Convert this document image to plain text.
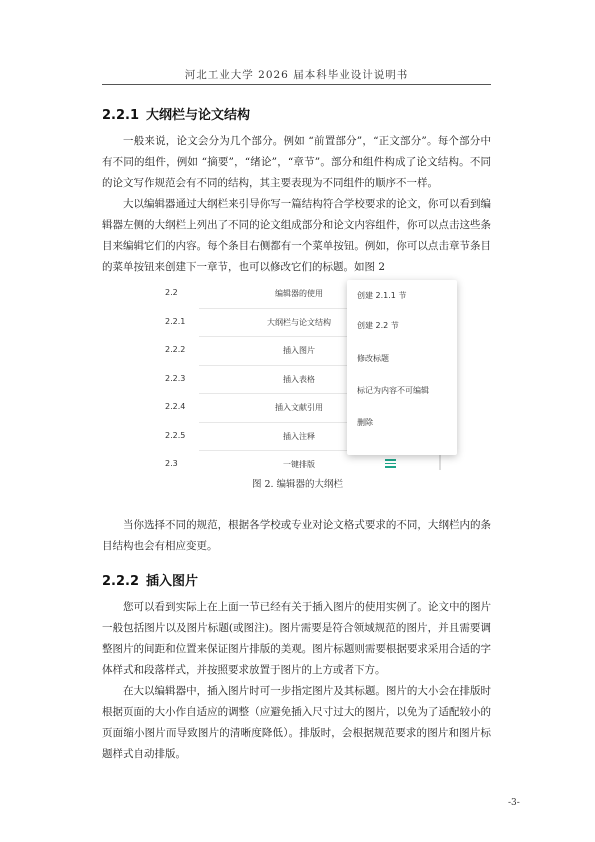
河北工业大学 2026 届本科毕业设计说明书
2.2.1 大纲栏与论文结构
一般来说，论文会分为几个部分。例如 “前置部分”，“正文部分”。每个部分中有不同的组件，例如 “摘要”，“绪论”，“章节”。部分和组件构成了论文结构。不同的论文写作规范会有不同的结构，其主要表现为不同组件的顺序不一样。
大以编辑器通过大纲栏来引导你写一篇结构符合学校要求的论文，你可以看到编辑器左侧的大纲栏上列出了不同的论文组成部分和论文内容组件，你可以点击这些条目来编辑它们的内容。每个条目右侧都有一个菜单按钮。例如，你可以点击章节条目的菜单按钮来创建下一章节，也可以修改它们的标题。如图 2
2.2	编辑器的使用
2.2.1	大纲栏与论文结构
2.2.2	插入图片
2.2.3	插入表格
2.2.4	插入文献引用
2.2.5	插入注释
2.3	一键排版
创建 2.1.1 节
创建 2.2 节
修改标题
标记为内容不可编辑
删除
图 2. 编辑器的大纲栏
当你选择不同的规范，根据各学校或专业对论文格式要求的不同，大纲栏内的条目结构也会有相应变更。
2.2.2 插入图片
您可以看到实际上在上面一节已经有关于插入图片的使用实例了。论文中的图片一般包括图片以及图片标题(或图注)。图片需要是符合领域规范的图片，并且需要调整图片的间距和位置来保证图片排版的美观。图片标题则需要根据要求采用合适的字体样式和段落样式，并按照要求放置于图片的上方或者下方。
在大以编辑器中，插入图片时可一步指定图片及其标题。图片的大小会在排版时根据页面的大小作自适应的调整（应避免插入尺寸过大的图片，以免为了适配较小的页面缩小图片而导致图片的清晰度降低）。排版时，会根据规范要求的图片和图片标题样式自动排版。
-3-
